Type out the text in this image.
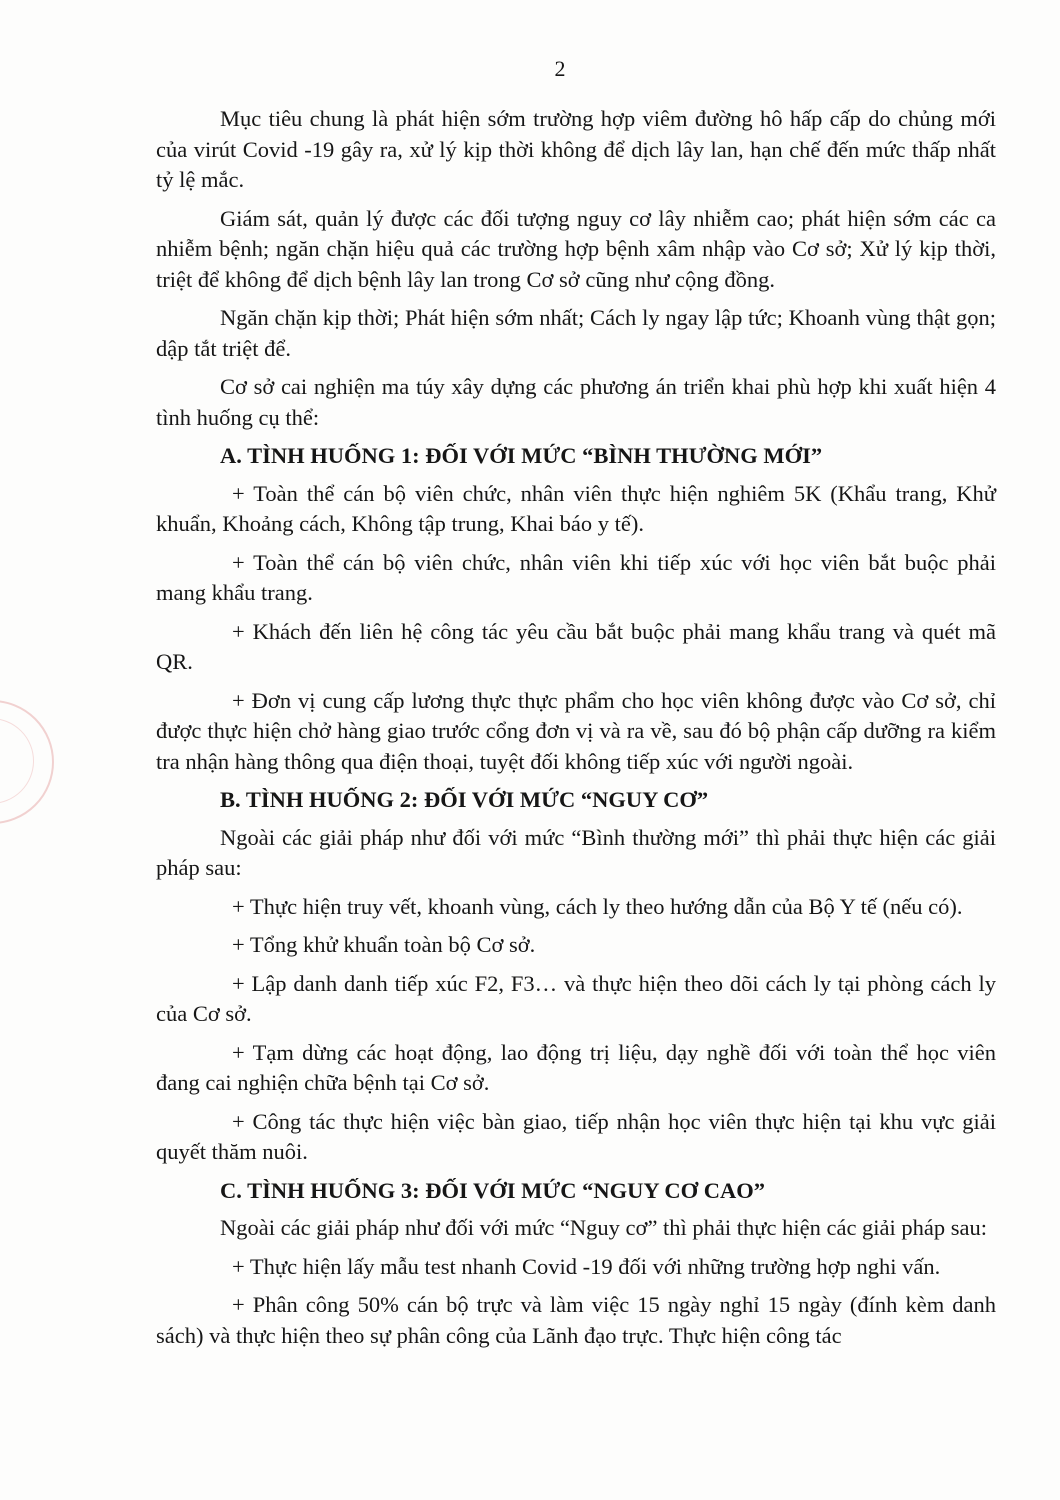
2

Mục tiêu chung là phát hiện sớm trường hợp viêm đường hô hấp cấp do chủng mới của virút Covid -19 gây ra, xử lý kịp thời không để dịch lây lan, hạn chế đến mức thấp nhất tỷ lệ mắc.

Giám sát, quản lý được các đối tượng nguy cơ lây nhiễm cao; phát hiện sớm các ca nhiễm bệnh; ngăn chặn hiệu quả các trường hợp bệnh xâm nhập vào Cơ sở; Xử lý kịp thời, triệt để không để dịch bệnh lây lan trong Cơ sở cũng như cộng đồng.

Ngăn chặn kịp thời; Phát hiện sớm nhất; Cách ly ngay lập tức; Khoanh vùng thật gọn; dập tắt triệt để.

Cơ sở cai nghiện ma túy xây dựng các phương án triển khai phù hợp khi xuất hiện 4 tình huống cụ thể:

A. TÌNH HUỐNG 1: ĐỐI VỚI MỨC “BÌNH THƯỜNG MỚI”

+ Toàn thể cán bộ viên chức, nhân viên thực hiện nghiêm 5K (Khẩu trang, Khử khuẩn, Khoảng cách, Không tập trung, Khai báo y tế).

+ Toàn thể cán bộ viên chức, nhân viên khi tiếp xúc với học viên bắt buộc phải mang khẩu trang.

+ Khách đến liên hệ công tác yêu cầu bắt buộc phải mang khẩu trang và quét mã QR.

+ Đơn vị cung cấp lương thực thực phẩm cho học viên không được vào Cơ sở, chỉ được thực hiện chở hàng giao trước cổng đơn vị và ra về, sau đó bộ phận cấp dưỡng ra kiểm tra nhận hàng thông qua điện thoại, tuyệt đối không tiếp xúc với người ngoài.

B. TÌNH HUỐNG 2: ĐỐI VỚI MỨC “NGUY CƠ”

Ngoài các giải pháp như đối với mức “Bình thường mới” thì phải thực hiện các giải pháp sau:

+ Thực hiện truy vết, khoanh vùng, cách ly theo hướng dẫn của Bộ Y tế (nếu có).

+ Tổng khử khuẩn toàn bộ Cơ sở.

+ Lập danh danh tiếp xúc F2, F3… và thực hiện theo dõi cách ly tại phòng cách ly của Cơ sở.

+ Tạm dừng các hoạt động, lao động trị liệu, dạy nghề đối với toàn thể học viên đang cai nghiện chữa bệnh tại Cơ sở.

+ Công tác thực hiện việc bàn giao, tiếp nhận học viên thực hiện tại khu vực giải quyết thăm nuôi.

C. TÌNH HUỐNG 3: ĐỐI VỚI MỨC “NGUY CƠ CAO”

Ngoài các giải pháp như đối với mức “Nguy cơ” thì phải thực hiện các giải pháp sau:

+ Thực hiện lấy mẫu test nhanh Covid -19 đối với những trường hợp nghi vấn.

+ Phân công 50% cán bộ trực và làm việc 15 ngày nghỉ 15 ngày (đính kèm danh sách) và thực hiện theo sự phân công của Lãnh đạo trực. Thực hiện công tác
